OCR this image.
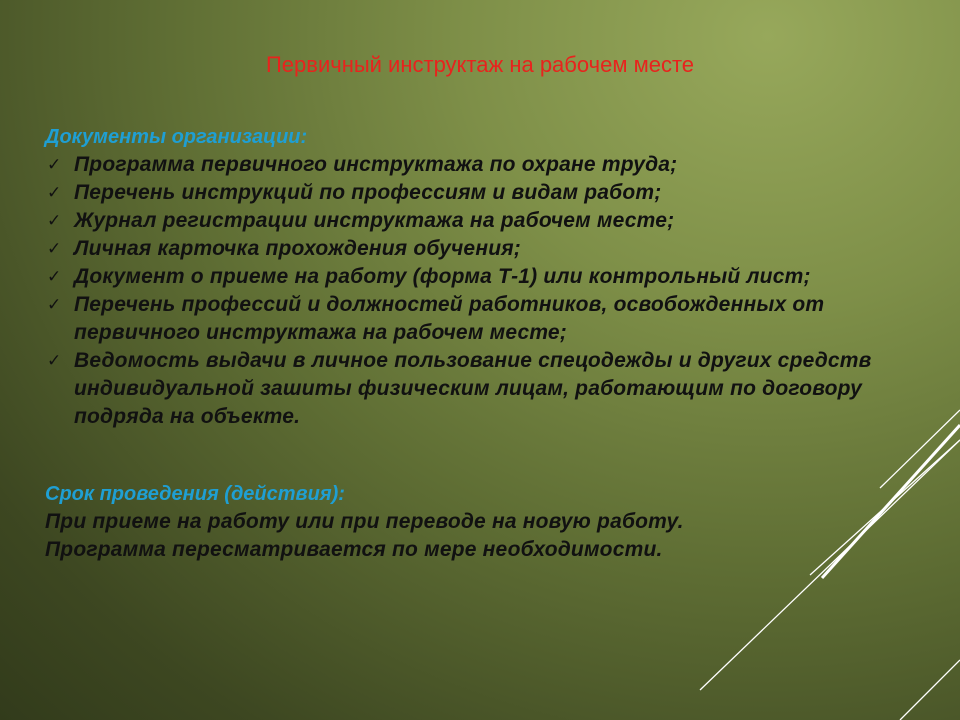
Первичный инструктаж на рабочем месте
Документы организации:
✓ Программа первичного инструктажа по охране труда;
✓ Перечень инструкций по профессиям и видам работ;
✓ Журнал регистрации инструктажа на рабочем месте;
✓ Личная карточка прохождения обучения;
✓ Документ о приеме на работу (форма Т-1) или контрольный лист;
✓ Перечень профессий и должностей работников, освобожденных от первичного инструктажа на рабочем месте;
✓ Ведомость выдачи в личное пользование спецодежды и других средств индивидуальной зашиты физическим лицам, работающим по договору подряда на объекте.
Срок проведения (действия):
При приеме на работу или при переводе на новую работу.
Программа пересматривается по мере необходимости.
